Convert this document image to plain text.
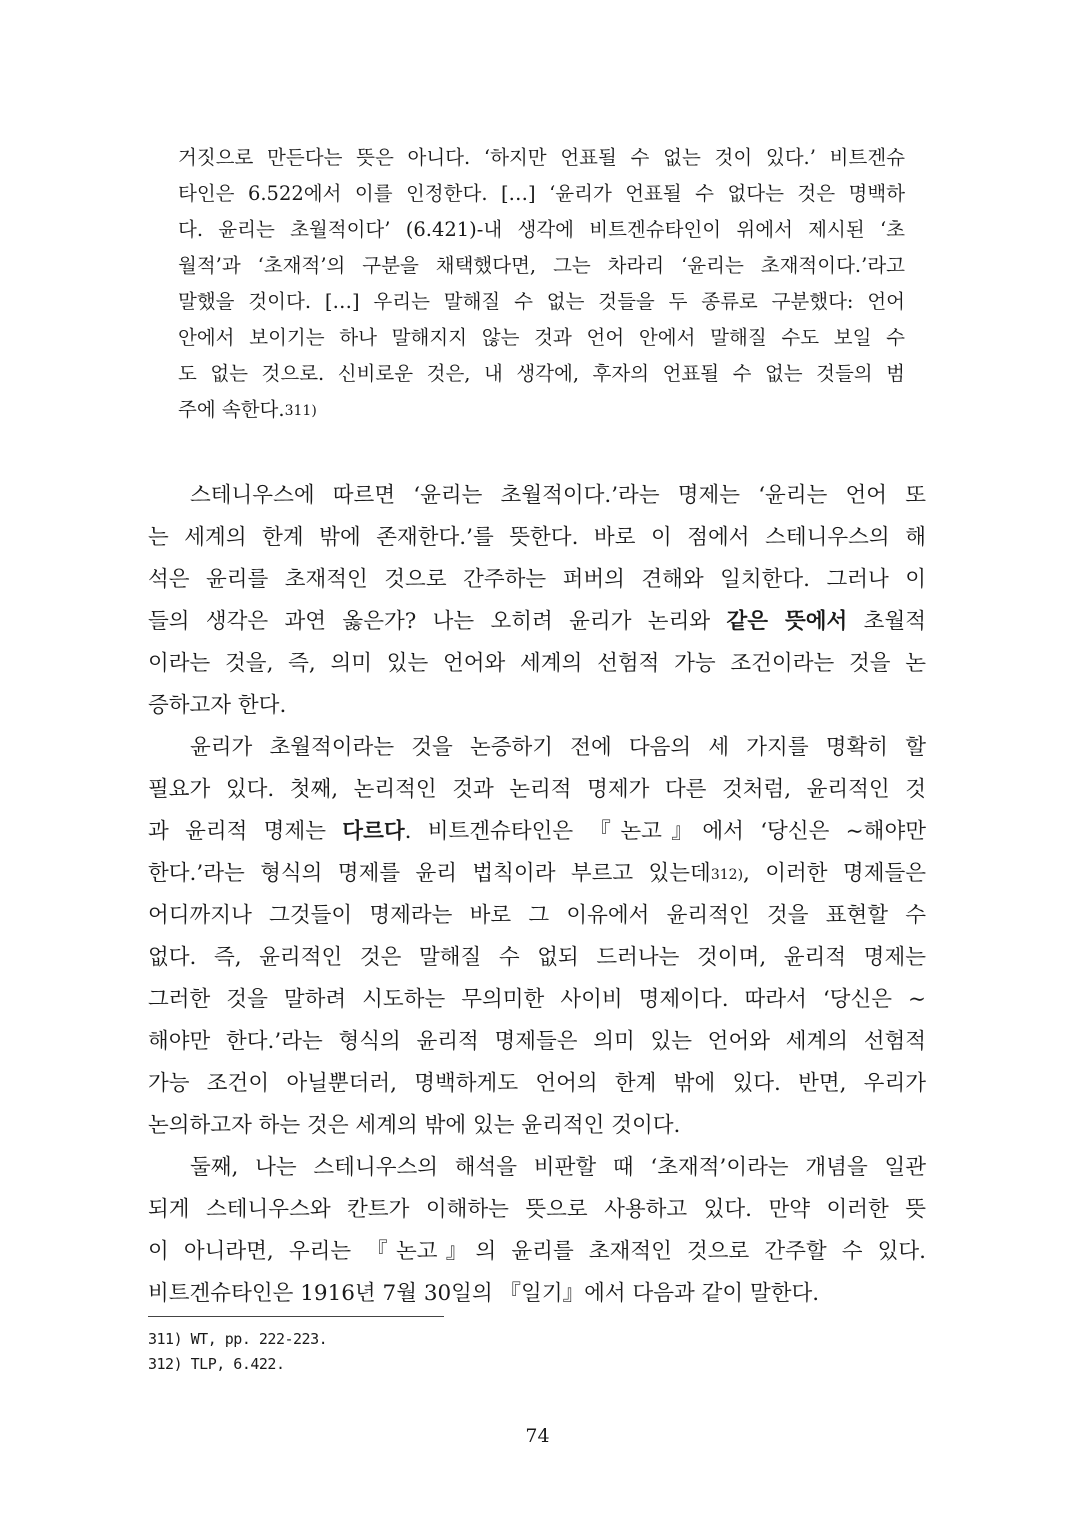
거짓으로 만든다는 뜻은 아니다. ‘하지만 언표될 수 없는 것이 있다.’ 비트겐슈

타인은 6.522에서 이를 인정한다. […] ‘윤리가 언표될 수 없다는 것은 명백하

다. 윤리는 초월적이다’ (6.421)-내 생각에 비트겐슈타인이 위에서 제시된 ‘초

월적’과 ‘초재적’의 구분을 채택했다면, 그는 차라리 ‘윤리는 초재적이다.’라고

말했을 것이다. […] 우리는 말해질 수 없는 것들을 두 종류로 구분했다: 언어

안에서 보이기는 하나 말해지지 않는 것과 언어 안에서 말해질 수도 보일 수

도 없는 것으로. 신비로운 것은, 내 생각에, 후자의 언표될 수 없는 것들의 범

주에 속한다.311)

스테니우스에 따르면 ‘윤리는 초월적이다.’라는 명제는 ‘윤리는 언어 또

는 세계의 한계 밖에 존재한다.’를 뜻한다. 바로 이 점에서 스테니우스의 해

석은 윤리를 초재적인 것으로 간주하는 퍼버의 견해와 일치한다. 그러나 이

들의 생각은 과연 옳은가? 나는 오히려 윤리가 논리와 같은 뜻에서 초월적

이라는 것을, 즉, 의미 있는 언어와 세계의 선험적 가능 조건이라는 것을 논

증하고자 한다.

윤리가 초월적이라는 것을 논증하기 전에 다음의 세 가지를 명확히 할

필요가 있다. 첫째, 논리적인 것과 논리적 명제가 다른 것처럼, 윤리적인 것

과 윤리적 명제는 다르다. 비트겐슈타인은 『논고』에서 ‘당신은 ∼해야만

한다.’라는 형식의 명제를 윤리 법칙이라 부르고 있는데312), 이러한 명제들은

어디까지나 그것들이 명제라는 바로 그 이유에서 윤리적인 것을 표현할 수

없다. 즉, 윤리적인 것은 말해질 수 없되 드러나는 것이며, 윤리적 명제는

그러한 것을 말하려 시도하는 무의미한 사이비 명제이다. 따라서 ‘당신은 ∼

해야만 한다.’라는 형식의 윤리적 명제들은 의미 있는 언어와 세계의 선험적

가능 조건이 아닐뿐더러, 명백하게도 언어의 한계 밖에 있다. 반면, 우리가

논의하고자 하는 것은 세계의 밖에 있는 윤리적인 것이다.

둘째, 나는 스테니우스의 해석을 비판할 때 ‘초재적’이라는 개념을 일관

되게 스테니우스와 칸트가 이해하는 뜻으로 사용하고 있다. 만약 이러한 뜻

이 아니라면, 우리는 『논고』의 윤리를 초재적인 것으로 간주할 수 있다.

비트겐슈타인은 1916년 7월 30일의 『일기』에서 다음과 같이 말한다.

311) WT, pp. 222-223.
312) TLP, 6.422.
74
